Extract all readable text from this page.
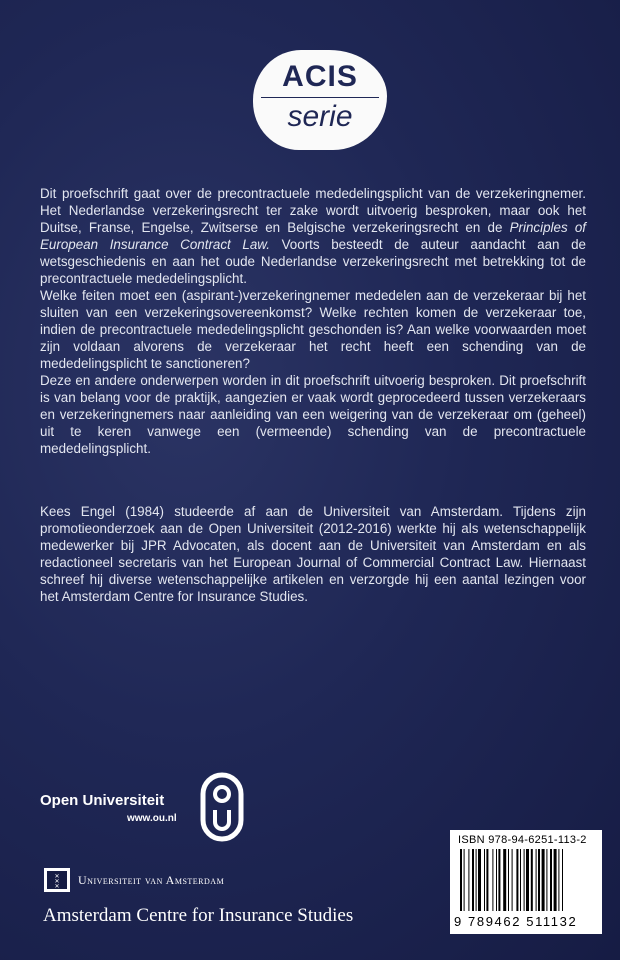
ACIS
serie

Dit proefschrift gaat over de precontractuele mededelingsplicht van de verzekeringnemer. Het Nederlandse verzekeringsrecht ter zake wordt uitvoerig besproken, maar ook het Duitse, Franse, Engelse, Zwitserse en Belgische verzekeringsrecht en de Principles of European Insurance Contract Law. Voorts besteedt de auteur aandacht aan de wetsgeschiedenis en aan het oude Nederlandse verzekeringsrecht met betrekking tot de precontractuele mededelingsplicht.

Welke feiten moet een (aspirant-)verzekeringnemer mededelen aan de verzekeraar bij het sluiten van een verzekeringsovereenkomst? Welke rechten komen de verzekeraar toe, indien de precontractuele mededelingsplicht geschonden is? Aan welke voorwaarden moet zijn voldaan alvorens de verzekeraar het recht heeft een schending van de mededelingsplicht te sanctioneren?

Deze en andere onderwerpen worden in dit proefschrift uitvoerig besproken. Dit proefschrift is van belang voor de praktijk, aangezien er vaak wordt geprocedeerd tussen verzekeraars en verzekeringnemers naar aanleiding van een weigering van de verzekeraar om (geheel) uit te keren vanwege een (vermeende) schending van de precontractuele mededelingsplicht.

Kees Engel (1984) studeerde af aan de Universiteit van Amsterdam. Tijdens zijn promotieonderzoek aan de Open Universiteit (2012-2016) werkte hij als wetenschappelijk medewerker bij JPR Advocaten, als docent aan de Universiteit van Amsterdam en als redactioneel secretaris van het European Journal of Commercial Contract Law. Hiernaast schreef hij diverse wetenschappelijke artikelen en verzorgde hij een aantal lezingen voor het Amsterdam Centre for Insurance Studies.

Open Universiteit
www.ou.nl
✕
✕
✕ Universiteit van Amsterdam
Amsterdam Centre for Insurance Studies
ISBN 978-94-6251-113-2
9 789462 511132
